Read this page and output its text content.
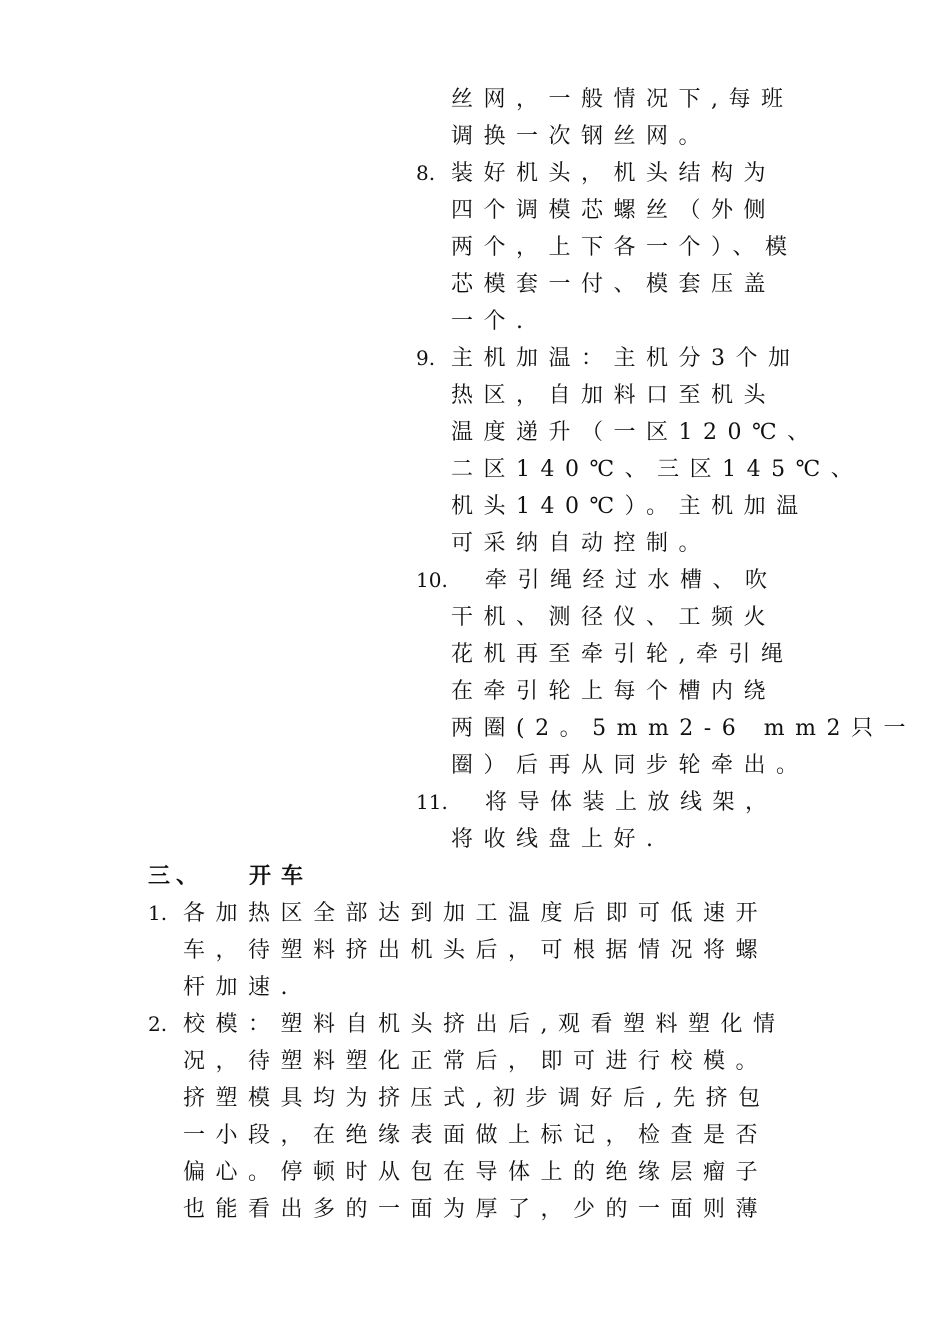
丝网，一般情况下,每班
调换一次钢丝网。
8. 装好机头，机头结构为
四个调模芯螺丝（外侧
两个，上下各一个）、模
芯模套一付、模套压盖
一个.
9. 主机加温：主机分3个加
热区，自加料口至机头
温度递升（一区120℃、
二区140℃、三区145℃、
机头140℃）。主机加温
可采纳自动控制。
10. 牵引绳经过水槽、吹
干机、测径仪、工频火
花机再至牵引轮,牵引绳
在牵引轮上每个槽内绕
两圈(2。5mm2-6 mm2只一
圈）后再从同步轮牵出。
11. 将导体装上放线架，
将收线盘上好.
三、 开车
1. 各加热区全部达到加工温度后即可低速开
车，待塑料挤出机头后，可根据情况将螺
杆加速.
2. 校模：塑料自机头挤出后,观看塑料塑化情
况，待塑料塑化正常后，即可进行校模。
挤塑模具均为挤压式,初步调好后,先挤包
一小段，在绝缘表面做上标记，检查是否
偏心。停顿时从包在导体上的绝缘层瘤子
也能看出多的一面为厚了，少的一面则薄
